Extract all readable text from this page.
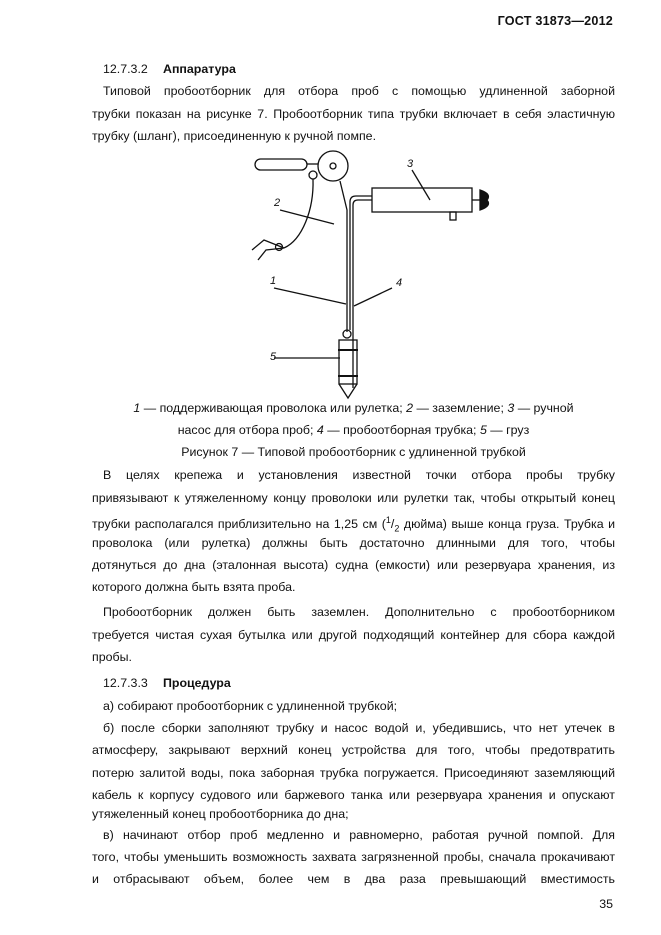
ГОСТ 31873—2012
12.7.3.2 Аппаратура
Типовой пробоотборник для отбора проб с помощью удлиненной заборной
трубки показан на рисунке 7. Пробоотборник типа трубки включает в себя эластичную
трубку (шланг), присоединенную к ручной помпе.
2
1	4
3
5
1 — поддерживающая проволока или рулетка; 2 — заземление; 3 — ручной
насос для отбора проб; 4 — пробоотборная трубка; 5 — груз
Рисунок 7 — Типовой пробоотборник с удлиненной трубкой
В целях крепежа и установления известной точки отбора пробы трубку
привязывают к утяжеленному концу проволоки или рулетки так, чтобы открытый конец
трубки располагался приблизительно на 1,25 см ($^1/_2$ дюйма) выше конца груза. Трубка и
проволока (или рулетка) должны быть достаточно длинными для того, чтобы
дотянуться до дна (эталонная высота) судна (емкости) или резервуара хранения, из
которого должна быть взята проба.
Пробоотборник должен быть заземлен. Дополнительно с пробоотборником
требуется чистая сухая бутылка или другой подходящий контейнер для сбора каждой
пробы.
12.7.3.3 Процедура
а) собирают пробоотборник с удлиненной трубкой;
б) после сборки заполняют трубку и насос водой и, убедившись, что нет утечек в
атмосферу, закрывают верхний конец устройства для того, чтобы предотвратить
потерю залитой воды, пока заборная трубка погружается. Присоединяют заземляющий
кабель к корпусу судового или баржевого танка или резервуара хранения и опускают
утяжеленный конец пробоотборника до дна;
в) начинают отбор проб медленно и равномерно, работая ручной помпой. Для
того, чтобы уменьшить возможность захвата загрязненной пробы, сначала прокачивают
и отбрасывают объем, более чем в два раза превышающий вместимость
35
